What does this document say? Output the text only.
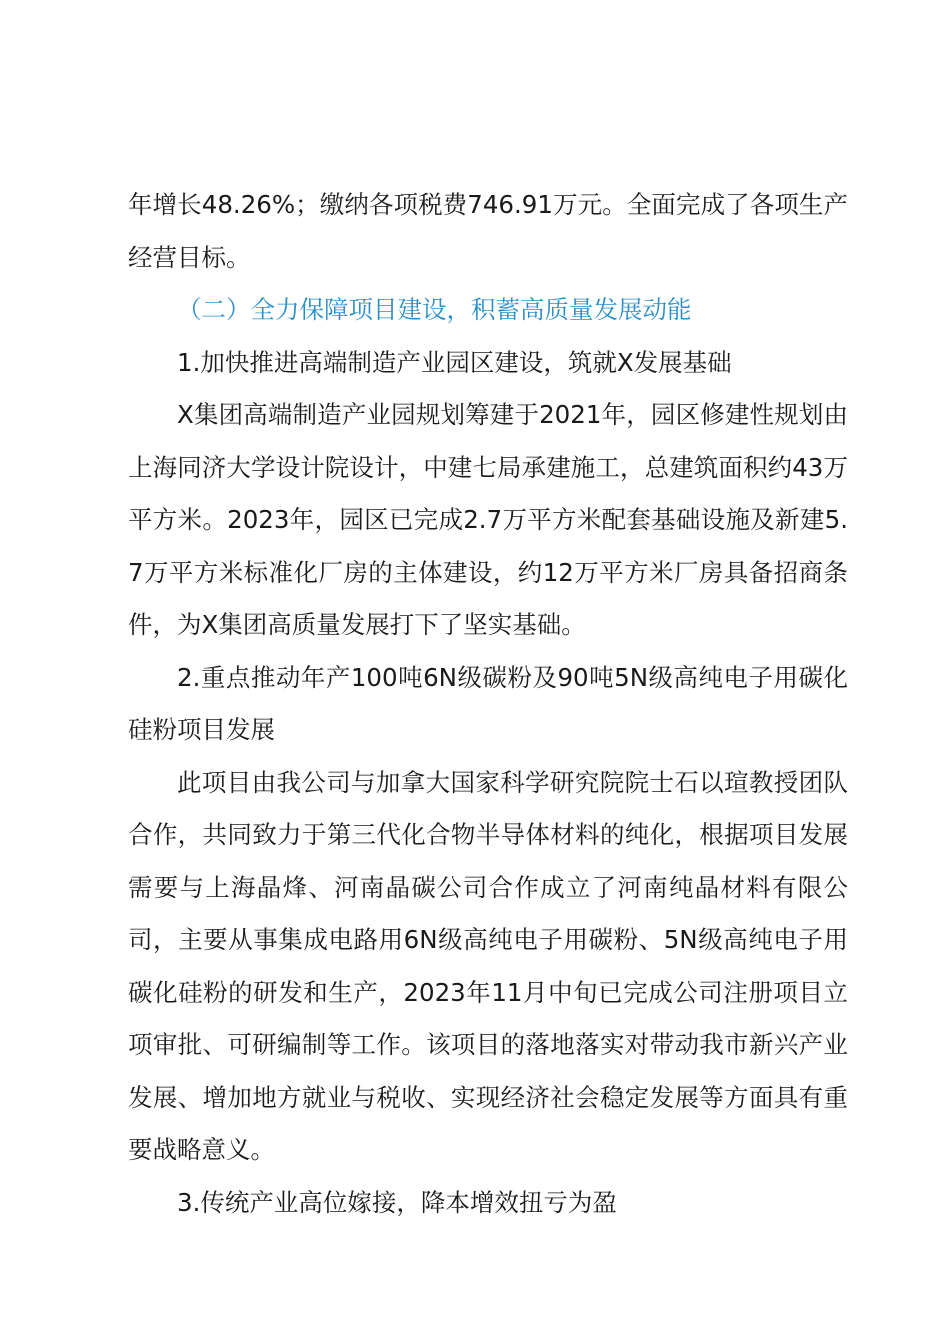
年增长48.26%；缴纳各项税费746.91万元。全面完成了各项生产经营目标。

（二）全力保障项目建设，积蓄高质量发展动能

1.加快推进高端制造产业园区建设，筑就X发展基础

X集团高端制造产业园规划筹建于2021年，园区修建性规划由上海同济大学设计院设计，中建七局承建施工，总建筑面积约43万平方米。2023年，园区已完成2.7万平方米配套基础设施及新建5.7万平方米标准化厂房的主体建设，约12万平方米厂房具备招商条件，为X集团高质量发展打下了坚实基础。

2.重点推动年产100吨6N级碳粉及90吨5N级高纯电子用碳化硅粉项目发展

此项目由我公司与加拿大国家科学研究院院士石以瑄教授团队合作，共同致力于第三代化合物半导体材料的纯化，根据项目发展需要与上海晶烽、河南晶碳公司合作成立了河南纯晶材料有限公司，主要从事集成电路用6N级高纯电子用碳粉、5N级高纯电子用碳化硅粉的研发和生产，2023年11月中旬已完成公司注册项目立项审批、可研编制等工作。该项目的落地落实对带动我市新兴产业发展、增加地方就业与税收、实现经济社会稳定发展等方面具有重要战略意义。

3.传统产业高位嫁接，降本增效扭亏为盈
